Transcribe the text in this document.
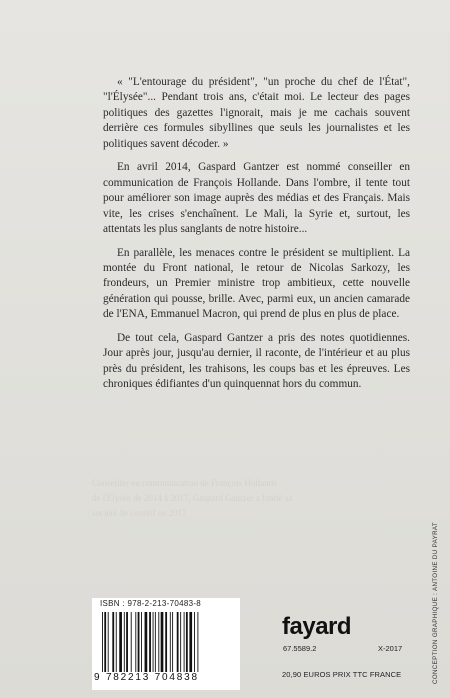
« "L'entourage du président", "un proche du chef de l'État", "l'Élysée"... Pendant trois ans, c'était moi. Le lecteur des pages politiques des gazettes l'ignorait, mais je me cachais souvent derrière ces formules sibyllines que seuls les journalistes et les politiques savent décoder. »

En avril 2014, Gaspard Gantzer est nommé conseiller en communication de François Hollande. Dans l'ombre, il tente tout pour améliorer son image auprès des médias et des Français. Mais vite, les crises s'enchaînent. Le Mali, la Syrie et, surtout, les attentats les plus sanglants de notre histoire...

En parallèle, les menaces contre le président se multiplient. La montée du Front national, le retour de Nicolas Sarkozy, les frondeurs, un Premier ministre trop ambitieux, cette nouvelle génération qui pousse, brille. Avec, parmi eux, un ancien camarade de l'ENA, Emmanuel Macron, qui prend de plus en plus de place.

De tout cela, Gaspard Gantzer a pris des notes quotidiennes. Jour après jour, jusqu'au dernier, il raconte, de l'intérieur et au plus près du président, les trahisons, les coups bas et les épreuves. Les chroniques édifiantes d'un quinquennat hors du commun.

Conseiller en communication de François Hollande
de l'Élysée de 2014 à 2017, Gaspard Gantzer a fondé sa
société de conseil en 2017
ISBN : 978-2-213-70483-8
9 782213 704838
fayard
67.5589.2	X-2017
20,90 EUROS PRIX TTC FRANCE	CONCEPTION GRAPHIQUE : ANTOINE DU PAYRAT
